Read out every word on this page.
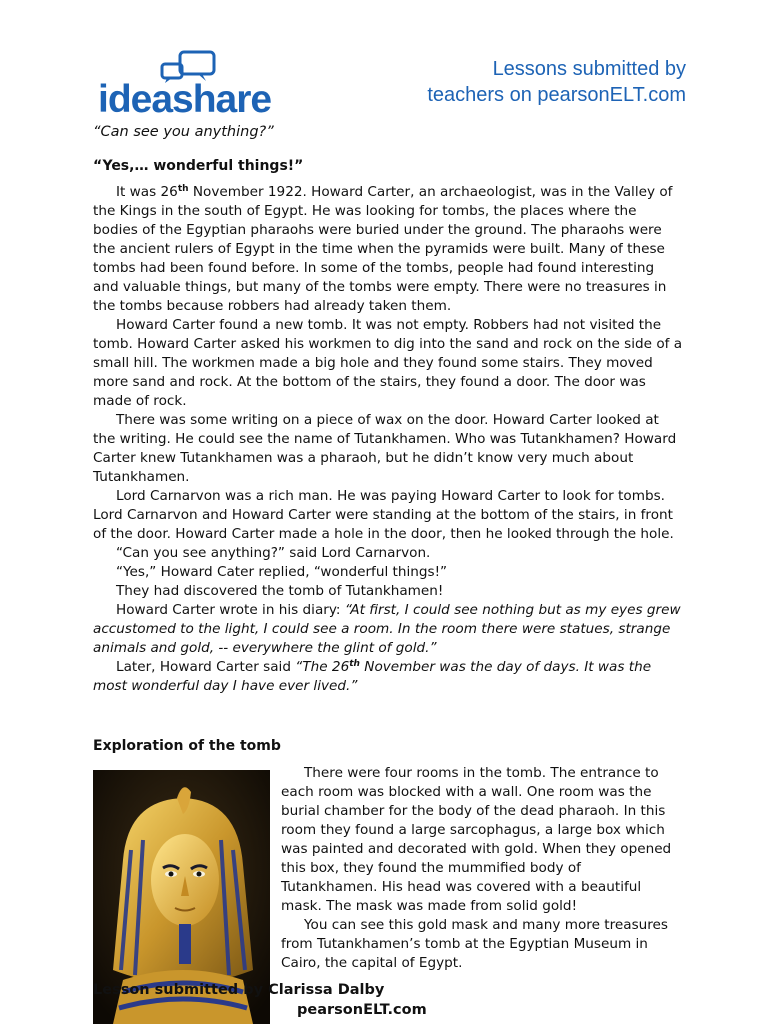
ideashare
Lessons submitted by
teachers on pearsonELT.com
“Can see you anything?”
“Yes,… wonderful things!”

It was 26th November 1922. Howard Carter, an archaeologist, was in the Valley of the Kings in the south of Egypt. He was looking for tombs, the places where the bodies of the Egyptian pharaohs were buried under the ground. The pharaohs were the ancient rulers of Egypt in the time when the pyramids were built. Many of these tombs had been found before. In some of the tombs, people had found interesting and valuable things, but many of the tombs were empty. There were no treasures in the tombs because robbers had already taken them.

Howard Carter found a new tomb. It was not empty. Robbers had not visited the tomb. Howard Carter asked his workmen to dig into the sand and rock on the side of a small hill. The workmen made a big hole and they found some stairs. They moved more sand and rock. At the bottom of the stairs, they found a door. The door was made of rock.

There was some writing on a piece of wax on the door. Howard Carter looked at the writing. He could see the name of Tutankhamen. Who was Tutankhamen? Howard Carter knew Tutankhamen was a pharaoh, but he didn’t know very much about Tutankhamen.

Lord Carnarvon was a rich man. He was paying Howard Carter to look for tombs. Lord Carnarvon and Howard Carter were standing at the bottom of the stairs, in front of the door. Howard Carter made a hole in the door, then he looked through the hole.

“Can you see anything?” said Lord Carnarvon.

“Yes,” Howard Cater replied, “wonderful things!”

They had discovered the tomb of Tutankhamen!

Howard Carter wrote in his diary: “At first, I could see nothing but as my eyes grew accustomed to the light, I could see a room. In the room there were statues, strange animals and gold, -- everywhere the glint of gold.”

Later, Howard Carter said “The 26th November was the day of days. It was the most wonderful day I have ever lived.”

Exploration of the tomb

There were four rooms in the tomb. The entrance to each room was blocked with a wall. One room was the burial chamber for the body of the dead pharaoh. In this room they found a large sarcophagus, a large box which was painted and decorated with gold. When they opened this box, they found the mummified body of Tutankhamen. His head was covered with a beautiful mask. The mask was made from solid gold!

You can see this gold mask and many more treasures from Tutankhamen’s tomb at the Egyptian Museum in Cairo, the capital of Egypt.

Lesson submitted by Clarissa Dalby
pearsonELT.com
